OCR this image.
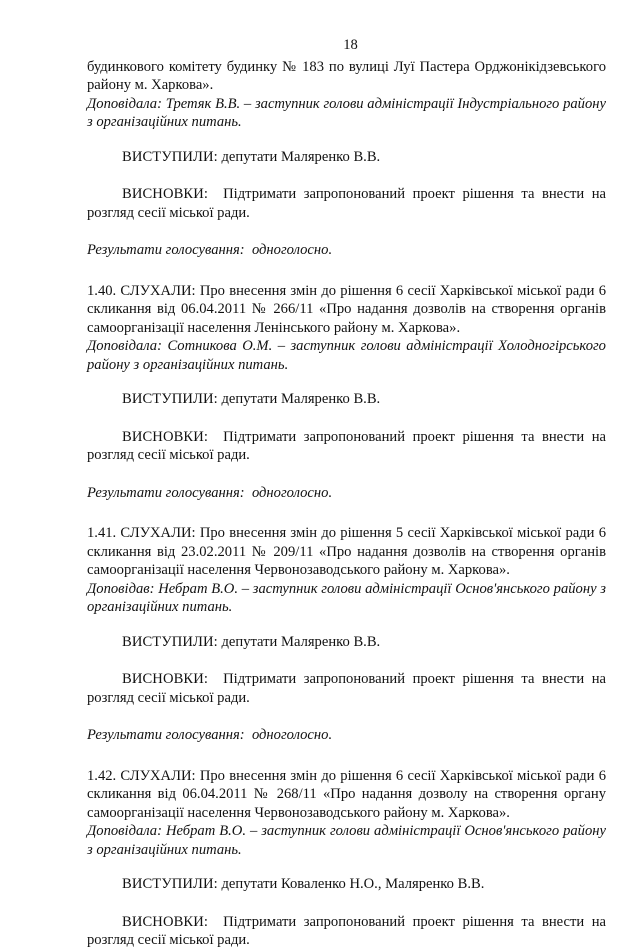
18

будинкового комітету будинку № 183 по вулиці Луї Пастера Орджонікідзевського району м. Харкова».

Доповідала: Третяк В.В. – заступник голови адміністрації Індустріального району з організаційних питань.

ВИСТУПИЛИ: депутати Маляренко В.В.

ВИСНОВКИ: Підтримати запропонований проект рішення та внести на розгляд сесії міської ради.

Результати голосування: одноголосно.

1.40. СЛУХАЛИ: Про внесення змін до рішення 6 сесії Харківської міської ради 6 скликання від 06.04.2011 № 266/11 «Про надання дозволів на створення органів самоорганізації населення Ленінського району м. Харкова».

Доповідала: Сотникова О.М. – заступник голови адміністрації Холодногірського району з організаційних питань.

ВИСТУПИЛИ: депутати Маляренко В.В.

ВИСНОВКИ: Підтримати запропонований проект рішення та внести на розгляд сесії міської ради.

Результати голосування: одноголосно.

1.41. СЛУХАЛИ: Про внесення змін до рішення 5 сесії Харківської міської ради 6 скликання від 23.02.2011 № 209/11 «Про надання дозволів на створення органів самоорганізації населення Червонозаводського району м. Харкова».

Доповідав: Небрат В.О. – заступник голови адміністрації Основ'янського району з організаційних питань.

ВИСТУПИЛИ: депутати Маляренко В.В.

ВИСНОВКИ: Підтримати запропонований проект рішення та внести на розгляд сесії міської ради.

Результати голосування: одноголосно.

1.42. СЛУХАЛИ: Про внесення змін до рішення 6 сесії Харківської міської ради 6 скликання від 06.04.2011 № 268/11 «Про надання дозволу на створення органу самоорганізації населення Червонозаводського району м. Харкова».

Доповідала: Небрат В.О. – заступник голови адміністрації Основ'янського району з організаційних питань.

ВИСТУПИЛИ: депутати Коваленко Н.О., Маляренко В.В.

ВИСНОВКИ: Підтримати запропонований проект рішення та внести на розгляд сесії міської ради.
